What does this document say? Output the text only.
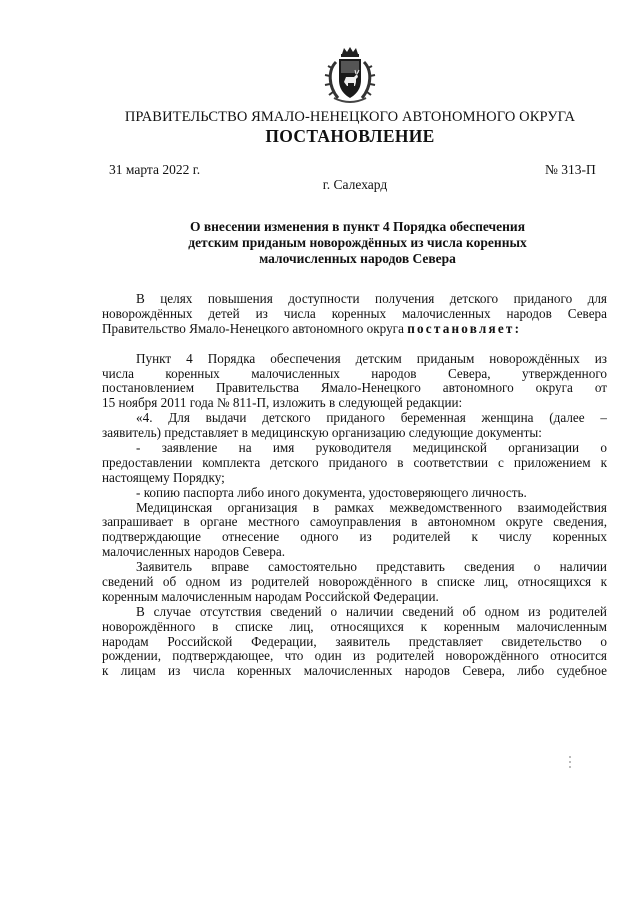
ПРАВИТЕЛЬСТВО ЯМАЛО-НЕНЕЦКОГО АВТОНОМНОГО ОКРУГА
ПОСТАНОВЛЕНИЕ
31 марта 2022 г.	№ 313-П
г. Салехард
О внесении изменения в пункт 4 Порядка обеспечения
детским приданым новорождённых из числа коренных
малочисленных народов Севера
В целях повышения доступности получения детского приданого для
новорождённых детей из числа коренных малочисленных народов Севера
Правительство Ямало-Ненецкого автономного округа постановляет:
Пункт 4 Порядка обеспечения детским приданым новорождённых из
числа коренных малочисленных народов Севера, утвержденного
постановлением Правительства Ямало-Ненецкого автономного округа от
15 ноября 2011 года № 811-П, изложить в следующей редакции:
«4. Для выдачи детского приданого беременная женщина (далее –
заявитель) представляет в медицинскую организацию следующие документы:
- заявление на имя руководителя медицинской организации о
предоставлении комплекта детского приданого в соответствии с приложением к
настоящему Порядку;
- копию паспорта либо иного документа, удостоверяющего личность.
Медицинская организация в рамках межведомственного взаимодействия
запрашивает в органе местного самоуправления в автономном округе сведения,
подтверждающие отнесение одного из родителей к числу коренных
малочисленных народов Севера.
Заявитель вправе самостоятельно представить сведения о наличии
сведений об одном из родителей новорождённого в списке лиц, относящихся к
коренным малочисленным народам Российской Федерации.
В случае отсутствия сведений о наличии сведений об одном из родителей
новорождённого в списке лиц, относящихся к коренным малочисленным
народам Российской Федерации, заявитель представляет свидетельство о
рождении, подтверждающее, что один из родителей новорождённого относится
к лицам из числа коренных малочисленных народов Севера, либо судебное
